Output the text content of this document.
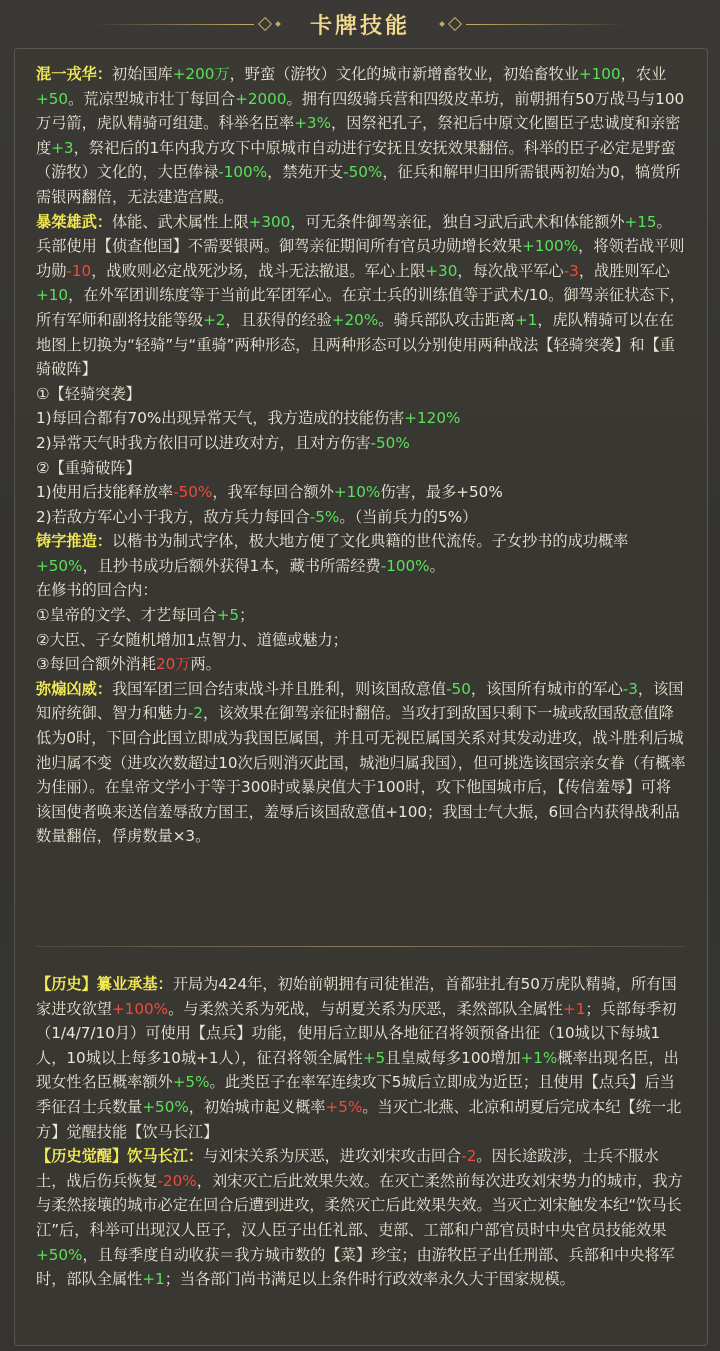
卡牌技能

混一戎华：初始国库+200万，野蛮（游牧）文化的城市新增畜牧业，初始畜牧业+100，农业+50。荒凉型城市壮丁每回合+2000。拥有四级骑兵营和四级皮革坊，前朝拥有50万战马与100万弓箭，虎队精骑可组建。科举名臣率+3%，因祭祀孔子，祭祀后中原文化圈臣子忠诚度和亲密度+3，祭祀后的1年内我方攻下中原城市自动进行安抚且安抚效果翻倍。科举的臣子必定是野蛮（游牧）文化的，大臣俸禄-100%，禁苑开支-50%，征兵和解甲归田所需银两初始为0，犒赏所需银两翻倍，无法建造宫殿。

暴桀雄武：体能、武术属性上限+300，可无条件御驾亲征，独自习武后武术和体能额外+15。兵部使用【侦查他国】不需要银两。御驾亲征期间所有官员功勋增长效果+100%，将领若战平则功勋-10，战败则必定战死沙场，战斗无法撤退。军心上限+30，每次战平军心-3，战胜则军心+10，在外军团训练度等于当前此军团军心。在京士兵的训练值等于武术/10。御驾亲征状态下，所有军师和副将技能等级+2，且获得的经验+20%。骑兵部队攻击距离+1，虎队精骑可以在在地图上切换为“轻骑”与“重骑”两种形态，且两种形态可以分别使用两种战法【轻骑突袭】和【重骑破阵】

①【轻骑突袭】

1)每回合都有70%出现异常天气，我方造成的技能伤害+120%

2)异常天气时我方依旧可以进攻对方，且对方伤害-50%

②【重骑破阵】

1)使用后技能释放率-50%，我军每回合额外+10%伤害，最多+50%

2)若敌方军心小于我方，敌方兵力每回合-5%。（当前兵力的5%）

铸字推造：以楷书为制式字体，极大地方便了文化典籍的世代流传。子女抄书的成功概率+50%，且抄书成功后额外获得1本，藏书所需经费-100%。

在修书的回合内：

①皇帝的文学、才艺每回合+5；

②大臣、子女随机增加1点智力、道德或魅力；

③每回合额外消耗20万两。

弥煽凶威：我国军团三回合结束战斗并且胜利，则该国敌意值-50，该国所有城市的军心-3，该国知府统御、智力和魅力-2，该效果在御驾亲征时翻倍。当攻打到敌国只剩下一城或敌国敌意值降低为0时，下回合此国立即成为我国臣属国，并且可无视臣属国关系对其发动进攻，战斗胜利后城池归属不变（进攻次数超过10次后则消灭此国，城池归属我国），但可挑选该国宗亲女眷（有概率为佳丽）。在皇帝文学小于等于300时或暴戾值大于100时，攻下他国城市后，【传信羞辱】可将该国使者唤来送信羞辱敌方国王，羞辱后该国敌意值+100；我国士气大振，6回合内获得战利品数量翻倍，俘虏数量×3。

【历史】纂业承基：开局为424年，初始前朝拥有司徒崔浩，首都驻扎有50万虎队精骑，所有国家进攻欲望+100%。与柔然关系为死战，与胡夏关系为厌恶，柔然部队全属性+1；兵部每季初（1/4/7/10月）可使用【点兵】功能，使用后立即从各地征召将领预备出征（10城以下每城1人，10城以上每多10城+1人），征召将领全属性+5且皇威每多100增加+1%概率出现名臣，出现女性名臣概率额外+5%。此类臣子在率军连续攻下5城后立即成为近臣；且使用【点兵】后当季征召士兵数量+50%，初始城市起义概率+5%。当灭亡北燕、北凉和胡夏后完成本纪【统一北方】觉醒技能【饮马长江】

【历史觉醒】饮马长江：与刘宋关系为厌恶，进攻刘宋攻击回合-2。因长途跋涉，士兵不服水土，战后伤兵恢复-20%，刘宋灭亡后此效果失效。在灭亡柔然前每次进攻刘宋势力的城市，我方与柔然接壤的城市必定在回合后遭到进攻，柔然灭亡后此效果失效。当灭亡刘宋触发本纪“饮马长江”后，科举可出现汉人臣子，汉人臣子出任礼部、吏部、工部和户部官员时中央官员技能效果+50%，且每季度自动收获＝我方城市数的【菜】珍宝；由游牧臣子出任刑部、兵部和中央将军时，部队全属性+1；当各部门尚书满足以上条件时行政效率永久大于国家规模。
